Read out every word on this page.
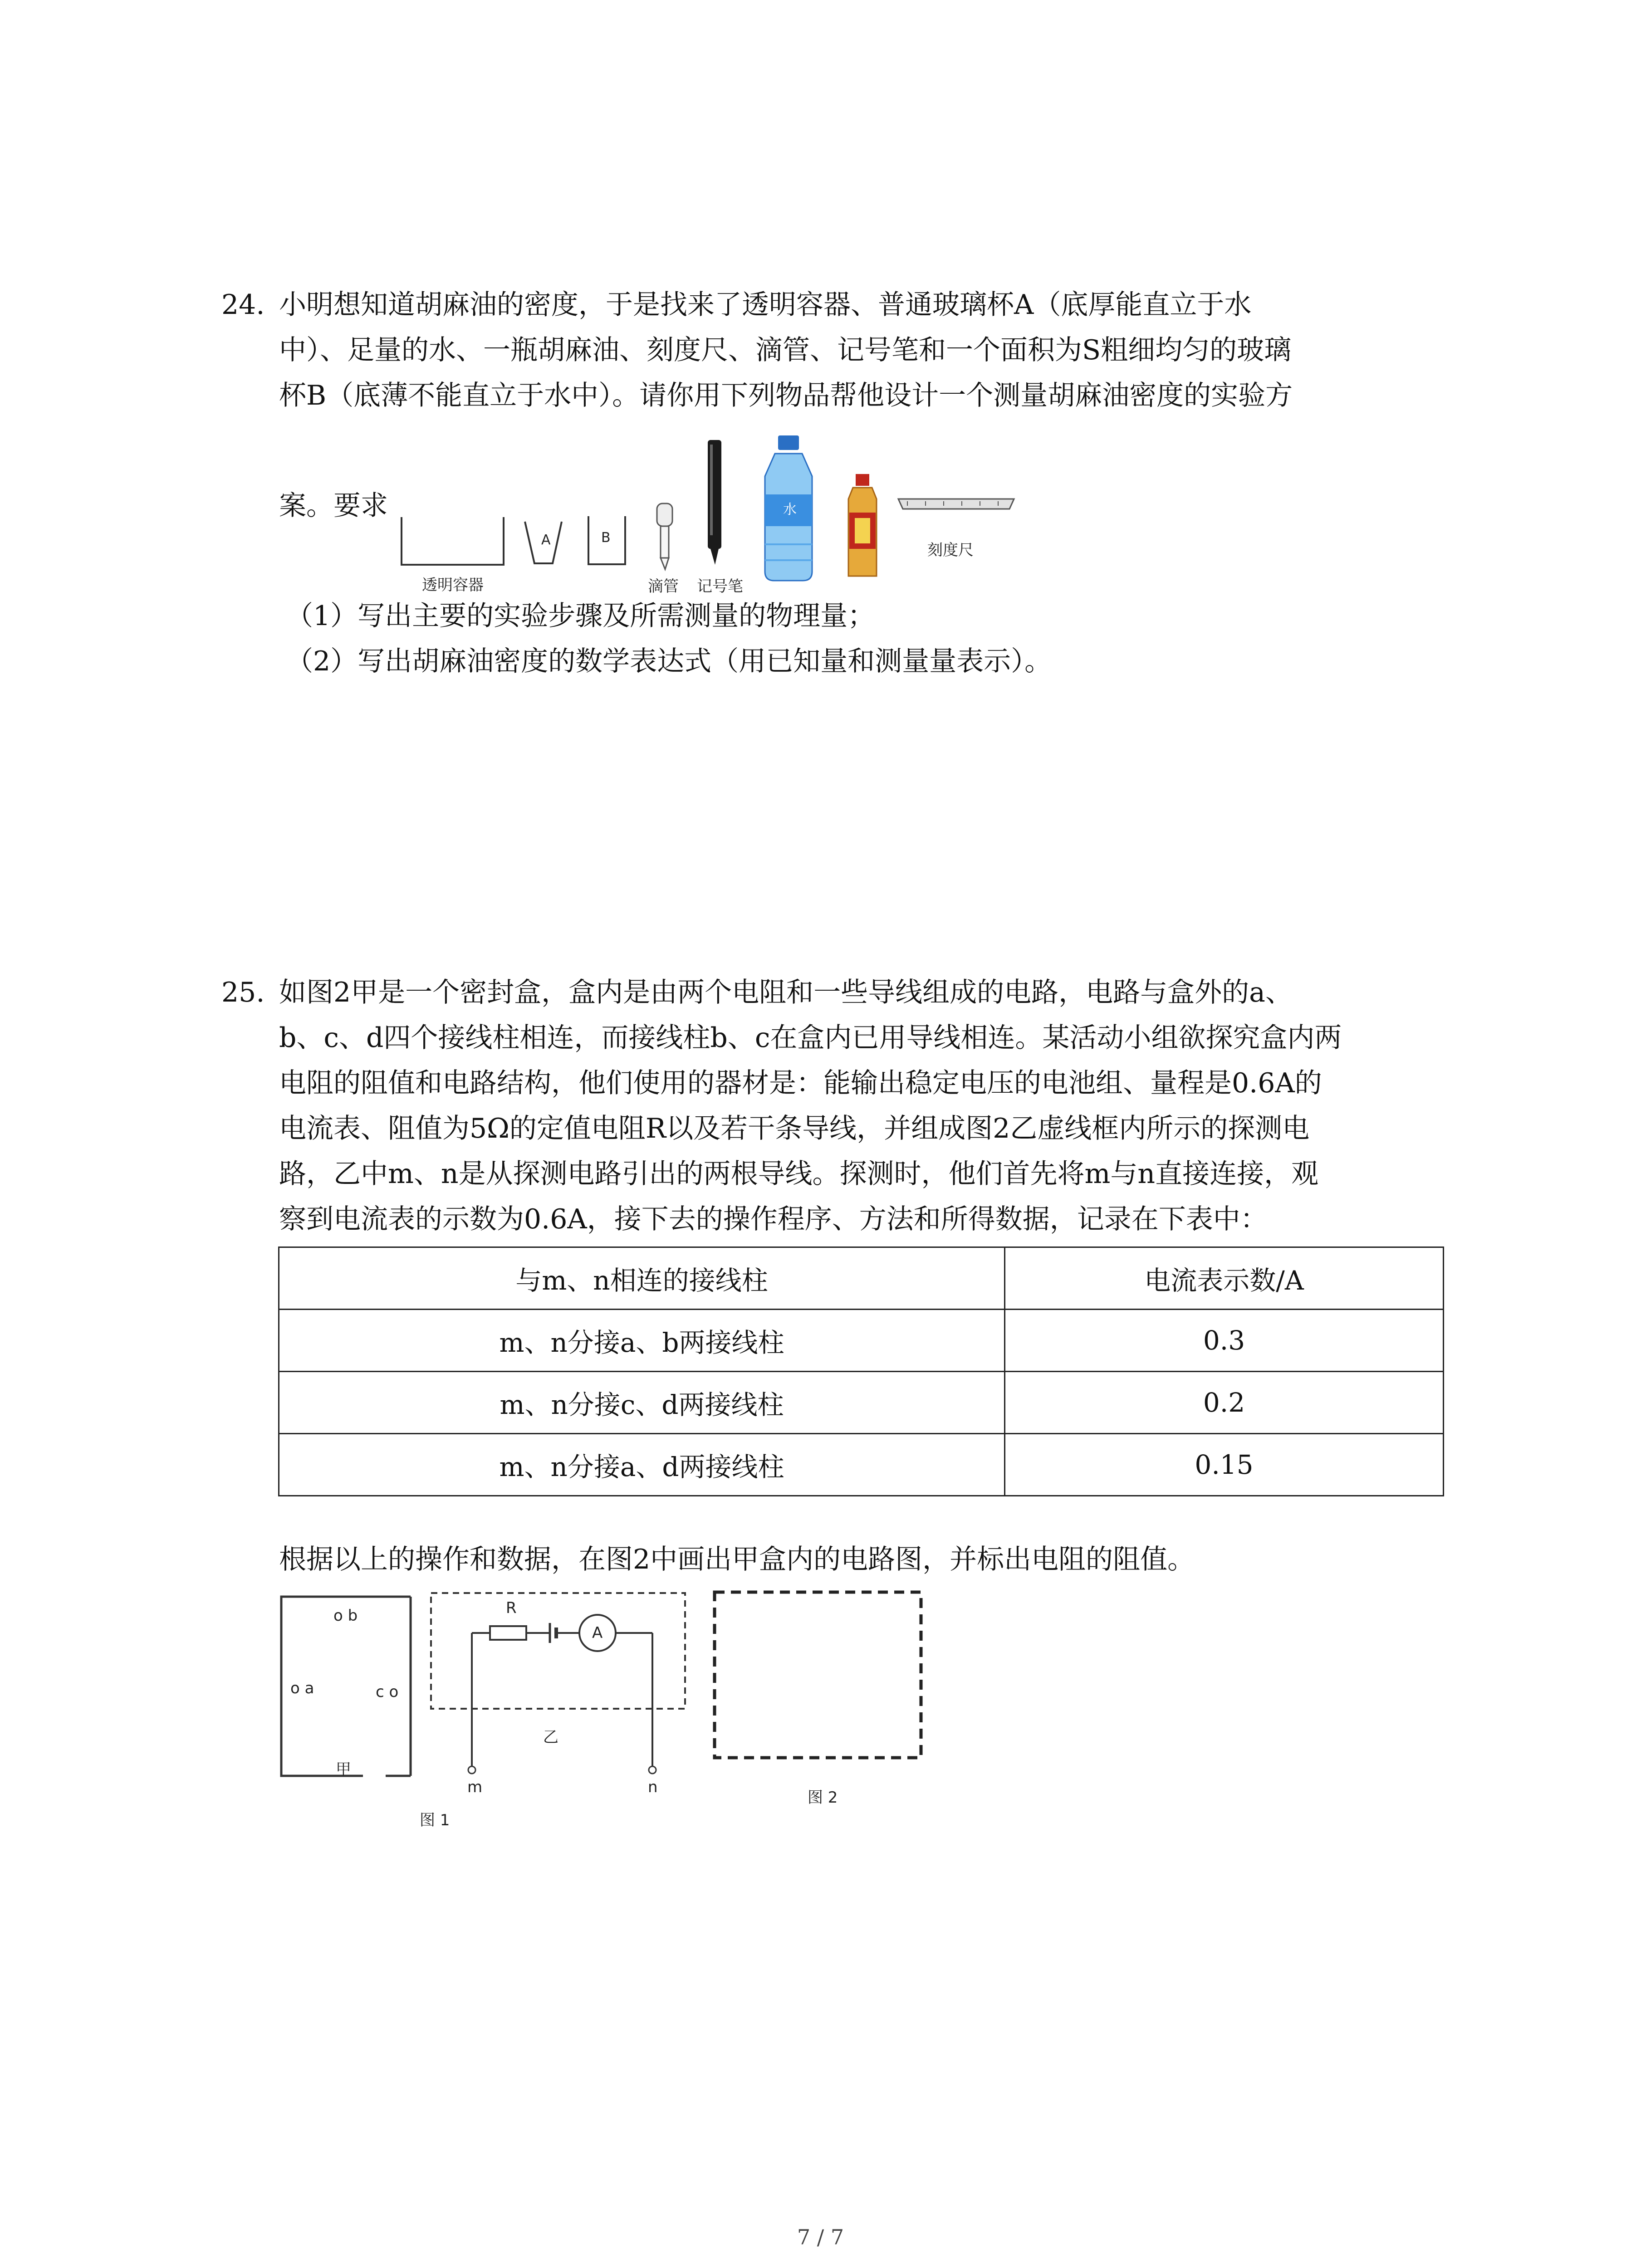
24. 小明想知道胡麻油的密度，于是找来了透明容器、普通玻璃杯A（底厚能直立于水
中）、足量的水、一瓶胡麻油、刻度尺、滴管、记号笔和一个面积为S粗细均匀的玻璃
杯B（底薄不能直立于水中）。请你用下列物品帮他设计一个测量胡麻油密度的实验方
案。要求
A	B
水
透明容器	滴管 记号笔
刻度尺
（1）写出主要的实验步骤及所需测量的物理量；
（2）写出胡麻油密度的数学表达式（用已知量和测量量表示）。
25. 如图2甲是一个密封盒，盒内是由两个电阻和一些导线组成的电路，电路与盒外的a、
b、c、d四个接线柱相连，而接线柱b、c在盒内已用导线相连。某活动小组欲探究盒内两
电阻的阻值和电路结构，他们使用的器材是：能输出稳定电压的电池组、量程是0.6A的
电流表、阻值为5Ω的定值电阻R以及若干条导线，并组成图2乙虚线框内所示的探测电
路，乙中m、n是从探测电路引出的两根导线。探测时，他们首先将m与n直接连接，观
察到电流表的示数为0.6A，接下去的操作程序、方法和所得数据，记录在下表中：
与m、n相连的接线柱	电流表示数/A
m、n分接a、b两接线柱	0.3
m、n分接c、d两接线柱	0.2
m、n分接a、d两接线柱	0.15
根据以上的操作和数据，在图2中画出甲盒内的电路图，并标出电阻的阻值。
o b
o a	c o
甲
R
A
乙
m	n
图 1
图 2
7 / 7
